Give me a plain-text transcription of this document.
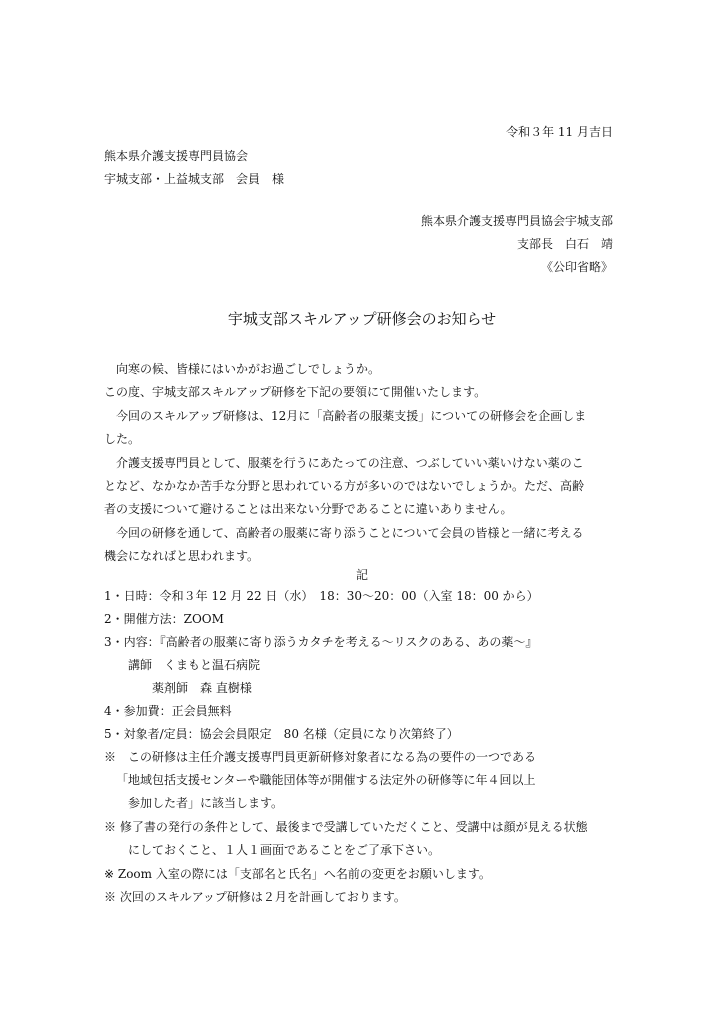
令和３年 11 月吉日
熊本県介護支援専門員協会
宇城支部・上益城支部　会員　様
熊本県介護支援専門員協会宇城支部
支部長　白石　靖
《公印省略》
宇城支部スキルアップ研修会のお知らせ
向寒の候、皆様にはいかがお過ごしでしょうか。
この度、宇城支部スキルアップ研修を下記の要領にて開催いたします。
今回のスキルアップ研修は、12月に「高齢者の服薬支援」についての研修会を企画しま
した。
介護支援専門員として、服薬を行うにあたっての注意、つぶしていい薬いけない薬のこ
となど、なかなか苦手な分野と思われている方が多いのではないでしょうか。ただ、高齢
者の支援について避けることは出来ない分野であることに違いありません。
今回の研修を通して、高齢者の服薬に寄り添うことについて会員の皆様と一緒に考える
機会になればと思われます。
記
1・日時：令和３年 12 月 22 日（水）　18：30〜20：00（入室 18：00 から）
2・開催方法：ZOOM
3・内容：『高齢者の服薬に寄り添うカタチを考える〜リスクのある、あの薬〜』
講師　くまもと温石病院
薬剤師　森 直樹様
4・参加費：正会員無料
5・対象者/定員：協会会員限定　80 名様（定員になり次第終了）
※　この研修は主任介護支援専門員更新研修対象者になる為の要件の一つである
「地域包括支援センターや職能団体等が開催する法定外の研修等に年４回以上
参加した者」に該当します。
※ 修了書の発行の条件として、最後まで受講していただくこと、受講中は顔が見える状態
にしておくこと、１人１画面であることをご了承下さい。
※ Zoom 入室の際には「支部名と氏名」へ名前の変更をお願いします。
※ 次回のスキルアップ研修は２月を計画しております。
